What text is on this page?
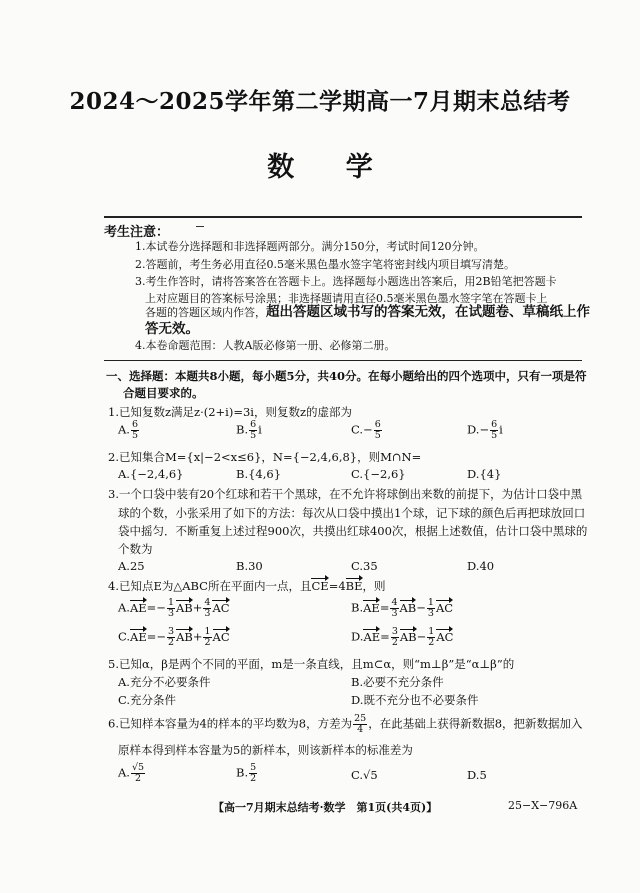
2024～2025学年第二学期高一7月期末总结考
数 学
考生注意：
1.本试卷分选择题和非选择题两部分。满分150分，考试时间120分钟。
2.答题前，考生务必用直径0.5毫米黑色墨水签字笔将密封线内项目填写清楚。
3.考生作答时，请将答案答在答题卡上。选择题每小题选出答案后，用2B铅笔把答题卡
上对应题目的答案标号涂黑；非选择题请用直径0.5毫米黑色墨水签字笔在答题卡上
各题的答题区域内作答，超出答题区域书写的答案无效，在试题卷、草稿纸上作
答无效。
4.本卷命题范围：人教A版必修第一册、必修第二册。
一、选择题：本题共8小题，每小题5分，共40分。在每小题给出的四个选项中，只有一项是符
合题目要求的。
1.已知复数z满足z·(2+i)=3i，则复数z的虚部为
A. $\frac{6}{5}$	B. $\frac{6}{5}$ i	$C.- \frac{6}{5}$	$D.- \frac{6}{5}$ i
2.已知集合M={x|−2<x≤6}，N={−2,4,6,8}，则M∩N=
A.{−2,4,6}	B.{4,6}	C.{−2,6}	D.{4}
3.一个口袋中装有20个红球和若干个黑球，在不允许将球倒出来数的前提下，为估计口袋中黑
球的个数，小张采用了如下的方法：每次从口袋中摸出1个球，记下球的颜色后再把球放回口
袋中摇匀．不断重复上述过程900次，共摸出红球400次，根据上述数值，估计口袋中黑球的
个数为
A.25	B.30	C.35	D.40
4.已知点E为△ABC所在平面内一点，且CE=4BE，则
$A.AE=- \frac{1}{3} AB+ \frac{4}{3}$ AC	$B.AE= \frac{4}{3} AB- \frac{1}{3}$ AC
$C.AE=- \frac{3}{2} AB+ \frac{1}{2}$ AC	$D.AE= \frac{3}{2} AB- \frac{1}{2}$ AC
5.已知α，β是两个不同的平面，m是一条直线，且m⊂α，则“m⊥β”是“α⊥β”的
A.充分不必要条件	B.必要不充分条件
C.充分条件	D.既不充分也不必要条件
6.已知样本容量为4的样本的平均数为8，方差为 $\frac{25}{4}$ ，在此基础上获得新数据8，把新数据加入
原样本得到样本容量为5的新样本，则该新样本的标准差为
A. $\frac{√5}{2}$	B. $\frac{5}{2}$	C.√5	D.5
【高一7月期末总结考·数学　第1页(共4页)】	25−X−796A
